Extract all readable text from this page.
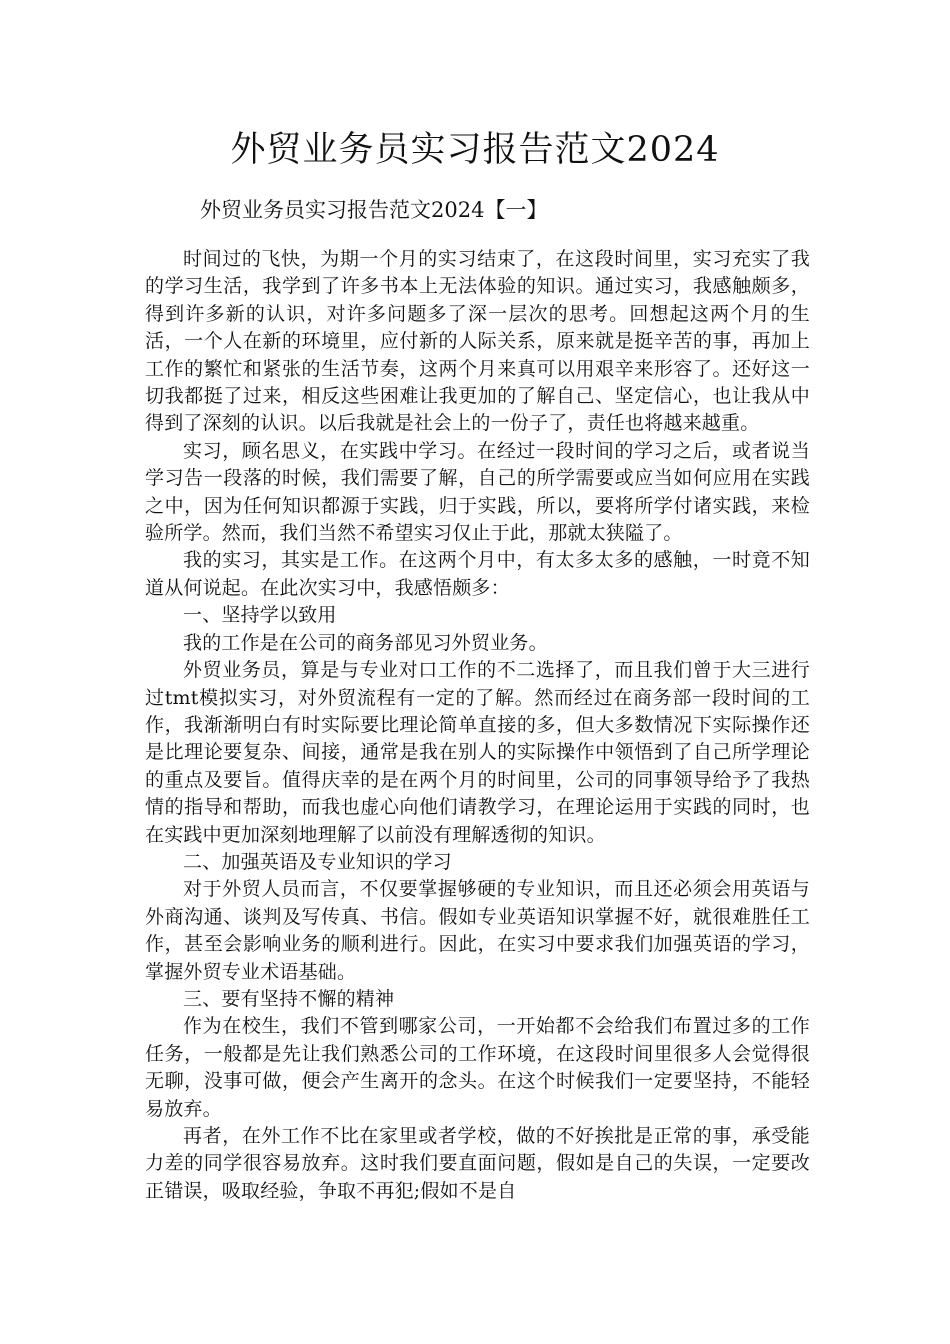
外贸业务员实习报告范文2024

外贸业务员实习报告范文2024【一】

时间过的飞快，为期一个月的实习结束了，在这段时间里，实习充实了我的学习生活，我学到了许多书本上无法体验的知识。通过实习，我感触颇多，得到许多新的认识，对许多问题多了深一层次的思考。回想起这两个月的生活，一个人在新的环境里，应付新的人际关系，原来就是挺辛苦的事，再加上工作的繁忙和紧张的生活节奏，这两个月来真可以用艰辛来形容了。还好这一切我都挺了过来，相反这些困难让我更加的了解自己、坚定信心，也让我从中得到了深刻的认识。以后我就是社会上的一份子了，责任也将越来越重。

实习，顾名思义，在实践中学习。在经过一段时间的学习之后，或者说当学习告一段落的时候，我们需要了解，自己的所学需要或应当如何应用在实践之中，因为任何知识都源于实践，归于实践，所以，要将所学付诸实践，来检验所学。然而，我们当然不希望实习仅止于此，那就太狭隘了。

我的实习，其实是工作。在这两个月中，有太多太多的感触，一时竟不知道从何说起。在此次实习中，我感悟颇多：

一、坚持学以致用

我的工作是在公司的商务部见习外贸业务。

外贸业务员，算是与专业对口工作的不二选择了，而且我们曾于大三进行过tmt模拟实习，对外贸流程有一定的了解。然而经过在商务部一段时间的工作，我渐渐明白有时实际要比理论简单直接的多，但大多数情况下实际操作还是比理论要复杂、间接，通常是我在别人的实际操作中领悟到了自己所学理论的重点及要旨。值得庆幸的是在两个月的时间里，公司的同事领导给予了我热情的指导和帮助，而我也虚心向他们请教学习，在理论运用于实践的同时，也在实践中更加深刻地理解了以前没有理解透彻的知识。

二、加强英语及专业知识的学习

对于外贸人员而言，不仅要掌握够硬的专业知识，而且还必须会用英语与外商沟通、谈判及写传真、书信。假如专业英语知识掌握不好，就很难胜任工作，甚至会影响业务的顺利进行。因此，在实习中要求我们加强英语的学习，掌握外贸专业术语基础。

三、要有坚持不懈的精神

作为在校生，我们不管到哪家公司，一开始都不会给我们布置过多的工作任务，一般都是先让我们熟悉公司的工作环境，在这段时间里很多人会觉得很无聊，没事可做，便会产生离开的念头。在这个时候我们一定要坚持，不能轻易放弃。

再者，在外工作不比在家里或者学校，做的不好挨批是正常的事，承受能力差的同学很容易放弃。这时我们要直面问题，假如是自己的失误，一定要改正错误，吸取经验，争取不再犯;假如不是自
